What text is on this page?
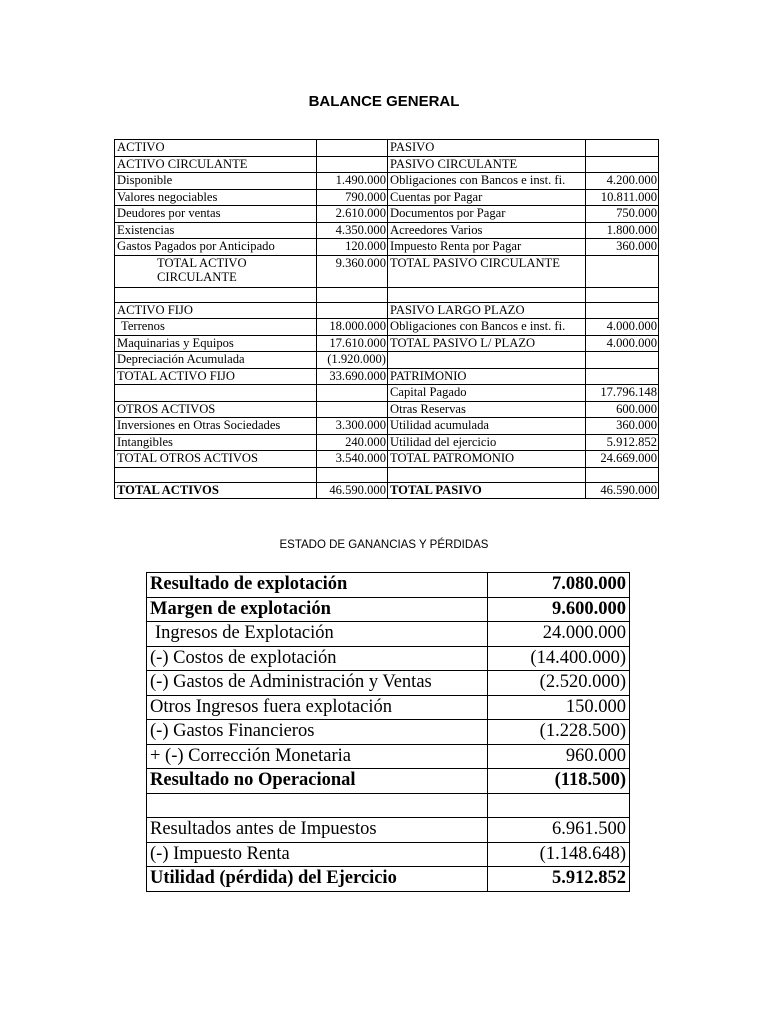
BALANCE GENERAL
ACTIVO		PASIVO	
ACTIVO CIRCULANTE		PASIVO CIRCULANTE	
Disponible	1.490.000	Obligaciones con Bancos e inst. fi.	4.200.000
Valores negociables	790.000	Cuentas por Pagar	10.811.000
Deudores por ventas	2.610.000	Documentos por Pagar	750.000
Existencias	4.350.000	Acreedores Varios	1.800.000
Gastos Pagados por Anticipado	120.000	Impuesto Renta por Pagar	360.000
TOTAL ACTIVO CIRCULANTE	9.360.000	TOTAL PASIVO CIRCULANTE	

ACTIVO FIJO		PASIVO LARGO PLAZO	
Terrenos	18.000.000	Obligaciones con Bancos e inst. fi.	4.000.000
Maquinarias y Equipos	17.610.000	TOTAL PASIVO L/ PLAZO	4.000.000
Depreciación Acumulada	(1.920.000)		
TOTAL ACTIVO FIJO	33.690.000	PATRIMONIO	
		Capital Pagado	17.796.148
OTROS ACTIVOS		Otras Reservas	600.000
Inversiones en Otras Sociedades	3.300.000	Utilidad acumulada	360.000
Intangibles	240.000	Utilidad del ejercicio	5.912.852
TOTAL OTROS ACTIVOS	3.540.000	TOTAL PATROMONIO	24.669.000

TOTAL ACTIVOS	46.590.000	TOTAL PASIVO	46.590.000
ESTADO DE GANANCIAS Y PÉRDIDAS
Resultado de explotación	7.080.000
Margen de explotación	9.600.000
Ingresos de Explotación	24.000.000
(-) Costos de explotación	(14.400.000)
(-) Gastos de Administración y Ventas	(2.520.000)
Otros Ingresos fuera explotación	150.000
(-) Gastos Financieros	(1.228.500)
+ (-) Corrección Monetaria	960.000
Resultado no Operacional	(118.500)

Resultados antes de Impuestos	6.961.500
(-) Impuesto Renta	(1.148.648)
Utilidad (pérdida) del Ejercicio	5.912.852
